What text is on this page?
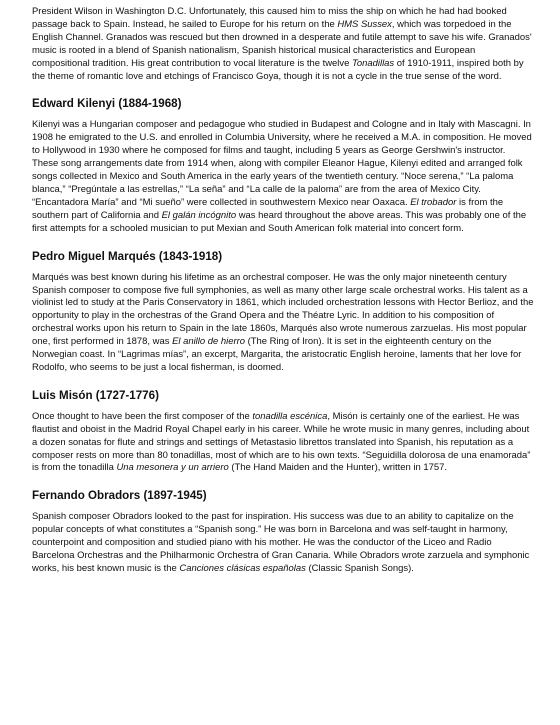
President Wilson in Washington D.C. Unfortunately, this caused him to miss the ship on which he had had booked passage back to Spain. Instead, he sailed to Europe for his return on the HMS Sussex, which was torpedoed in the English Channel. Granados was rescued but then drowned in a desperate and futile attempt to save his wife. Granados' music is rooted in a blend of Spanish nationalism, Spanish historical musical characteristics and European compositional tradition. His great contribution to vocal literature is the twelve Tonadillas of 1910-1911, inspired both by the theme of romantic love and etchings of Francisco Goya, though it is not a cycle in the true sense of the word.

Edward Kilenyi (1884-1968)

Kilenyi was a Hungarian composer and pedagogue who studied in Budapest and Cologne and in Italy with Mascagni. In 1908 he emigrated to the U.S. and enrolled in Columbia University, where he received a M.A. in composition. He moved to Hollywood in 1930 where he composed for films and taught, including 5 years as George Gershwin's instructor. These song arrangements date from 1914 when, along with compiler Eleanor Hague, Kilenyi edited and arranged folk songs collected in Mexico and South America in the early years of the twentieth century. “Noce serena,” “La paloma blanca,” “Pregúntale a las estrellas,” “La seña” and “La calle de la paloma” are from the area of Mexico City. “Encantadora María” and “Mi sueño” were collected in southwestern Mexico near Oaxaca. El trobador is from the southern part of California and El galán incógnito was heard throughout the above areas. This was probably one of the first attempts for a schooled musician to put Mexian and South American folk material into concert form.

Pedro Miguel Marqués (1843-1918)

Marqués was best known during his lifetime as an orchestral composer. He was the only major nineteenth century Spanish composer to compose five full symphonies, as well as many other large scale orchestral works. His talent as a violinist led to study at the Paris Conservatory in 1861, which included orchestration lessons with Hector Berlioz, and the opportunity to play in the orchestras of the Grand Opera and the Théatre Lyric. In addition to his composition of orchestral works upon his return to Spain in the late 1860s, Marqués also wrote numerous zarzuelas. His most popular one, first performed in 1878, was El anillo de hierro (The Ring of Iron). It is set in the eighteenth century on the Norwegian coast. In “Lagrimas mías”, an excerpt, Margarita, the aristocratic English heroine, laments that her love for Rodolfo, who seems to be just a local fisherman, is doomed.

Luis Misón (1727-1776)

Once thought to have been the first composer of the tonadilla escénica, Misón is certainly one of the earliest. He was flautist and oboist in the Madrid Royal Chapel early in his career. While he wrote music in many genres, including about a dozen sonatas for flute and strings and settings of Metastasio librettos translated into Spanish, his reputation as a composer rests on more than 80 tonadillas, most of which are to his own texts. “Seguidilla dolorosa de una enamorada” is from the tonadilla Una mesonera y un arriero (The Hand Maiden and the Hunter), written in 1757.

Fernando Obradors (1897-1945)

Spanish composer Obradors looked to the past for inspiration. His success was due to an ability to capitalize on the popular concepts of what constitutes a “Spanish song.” He was born in Barcelona and was self-taught in harmony, counterpoint and composition and studied piano with his mother. He was the conductor of the Liceo and Radio Barcelona Orchestras and the Philharmonic Orchestra of Gran Canaria. While Obradors wrote zarzuela and symphonic works, his best known music is the Canciones clásicas españolas (Classic Spanish Songs).
